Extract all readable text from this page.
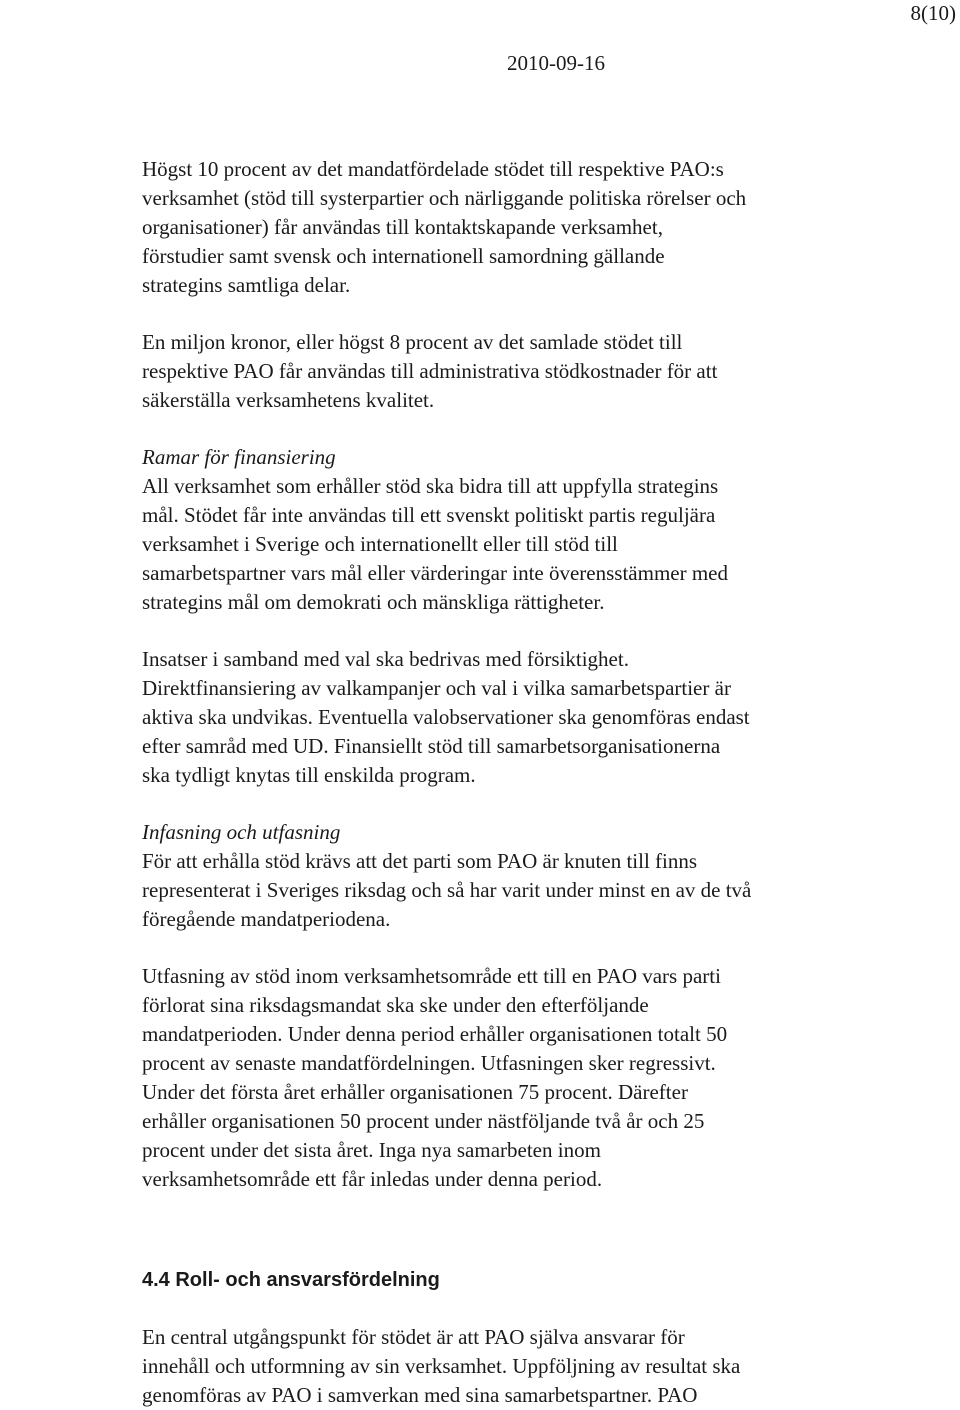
8(10)
2010-09-16

Högst 10 procent av det mandatfördelade stödet till respektive PAO:s
verksamhet (stöd till systerpartier och närliggande politiska rörelser och
organisationer) får användas till kontaktskapande verksamhet,
förstudier samt svensk och internationell samordning gällande
strategins samtliga delar.

En miljon kronor, eller högst 8 procent av det samlade stödet till
respektive PAO får användas till administrativa stödkostnader för att
säkerställa verksamhetens kvalitet.

Ramar för finansiering
All verksamhet som erhåller stöd ska bidra till att uppfylla strategins
mål. Stödet får inte användas till ett svenskt politiskt partis reguljära
verksamhet i Sverige och internationellt eller till stöd till
samarbetspartner vars mål eller värderingar inte överensstämmer med
strategins mål om demokrati och mänskliga rättigheter.

Insatser i samband med val ska bedrivas med försiktighet.
Direktfinansiering av valkampanjer och val i vilka samarbetspartier är
aktiva ska undvikas. Eventuella valobservationer ska genomföras endast
efter samråd med UD. Finansiellt stöd till samarbetsorganisationerna
ska tydligt knytas till enskilda program.

Infasning och utfasning
För att erhålla stöd krävs att det parti som PAO är knuten till finns
representerat i Sveriges riksdag och så har varit under minst en av de två
föregående mandatperiodena.

Utfasning av stöd inom verksamhetsområde ett till en PAO vars parti
förlorat sina riksdagsmandat ska ske under den efterföljande
mandatperioden. Under denna period erhåller organisationen totalt 50
procent av senaste mandatfördelningen. Utfasningen sker regressivt.
Under det första året erhåller organisationen 75 procent. Därefter
erhåller organisationen 50 procent under nästföljande två år och 25
procent under det sista året. Inga nya samarbeten inom
verksamhetsområde ett får inledas under denna period.

4.4 Roll- och ansvarsfördelning

En central utgångspunkt för stödet är att PAO själva ansvarar för
innehåll och utformning av sin verksamhet. Uppföljning av resultat ska
genomföras av PAO i samverkan med sina samarbetspartner. PAO
